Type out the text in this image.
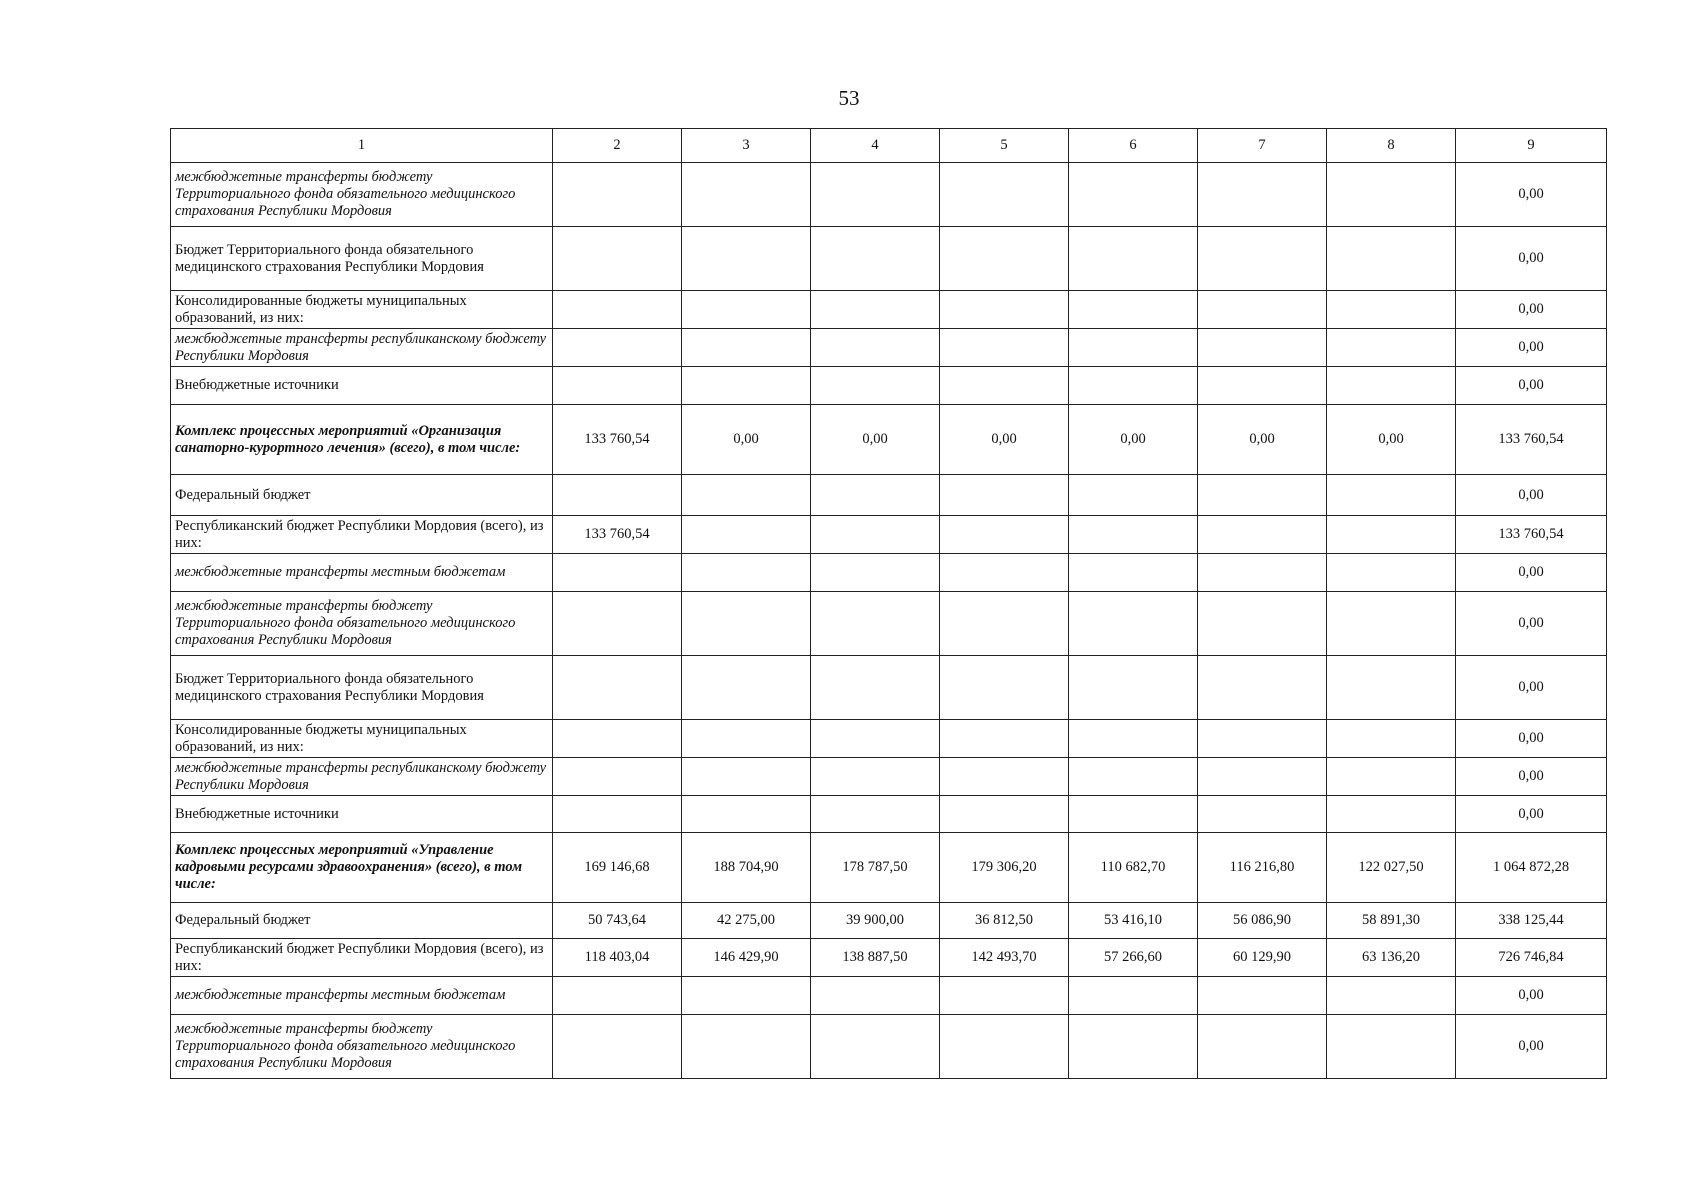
53
1	2	3	4	5	6	7	8	9
межбюджетные трансферты бюджету Территориального фонда обязательного медицинского страхования Республики Мордовия								0,00
Бюджет Территориального фонда обязательного медицинского страхования Республики Мордовия								0,00
Консолидированные бюджеты муниципальных образований, из них:								0,00
межбюджетные трансферты республиканскому бюджету Республики Мордовия								0,00
Внебюджетные источники								0,00
Комплекс процессных мероприятий «Организация санаторно-курортного лечения» (всего), в том числе:	133 760,54	0,00	0,00	0,00	0,00	0,00	0,00	133 760,54
Федеральный бюджет								0,00
Республиканский бюджет Республики Мордовия (всего), из них:	133 760,54							133 760,54
межбюджетные трансферты местным бюджетам								0,00
межбюджетные трансферты бюджету Территориального фонда обязательного медицинского страхования Республики Мордовия								0,00
Бюджет Территориального фонда обязательного медицинского страхования Республики Мордовия								0,00
Консолидированные бюджеты муниципальных образований, из них:								0,00
межбюджетные трансферты республиканскому бюджету Республики Мордовия								0,00
Внебюджетные источники								0,00
Комплекс процессных мероприятий «Управление кадровыми ресурсами здравоохранения» (всего), в том числе:	169 146,68	188 704,90	178 787,50	179 306,20	110 682,70	116 216,80	122 027,50	1 064 872,28
Федеральный бюджет	50 743,64	42 275,00	39 900,00	36 812,50	53 416,10	56 086,90	58 891,30	338 125,44
Республиканский бюджет Республики Мордовия (всего), из них:	118 403,04	146 429,90	138 887,50	142 493,70	57 266,60	60 129,90	63 136,20	726 746,84
межбюджетные трансферты местным бюджетам								0,00
межбюджетные трансферты бюджету Территориального фонда обязательного медицинского страхования Республики Мордовия								0,00
